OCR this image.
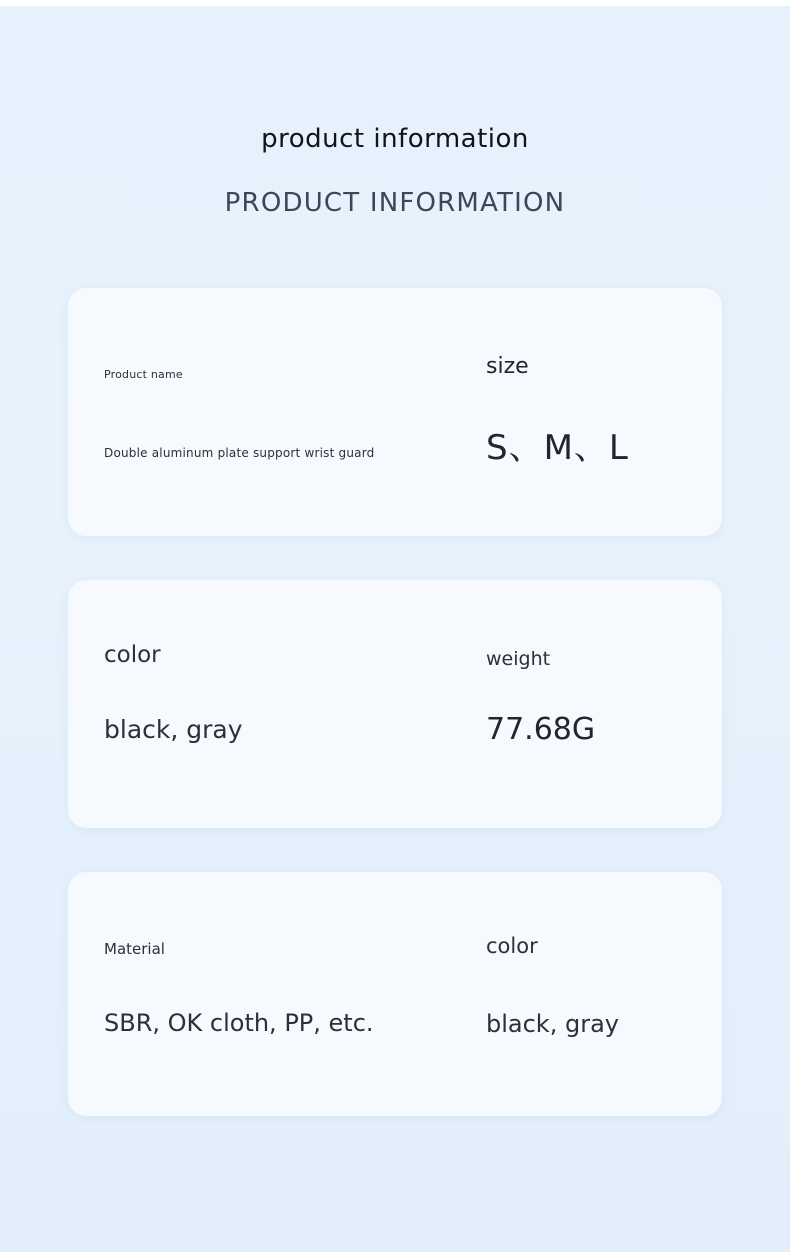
product information
PRODUCT INFORMATION
Product name
Double aluminum plate support wrist guard
size
S、M、L
color
black, gray
weight
77.68G
Material
SBR, OK cloth, PP, etc.
color
black, gray
